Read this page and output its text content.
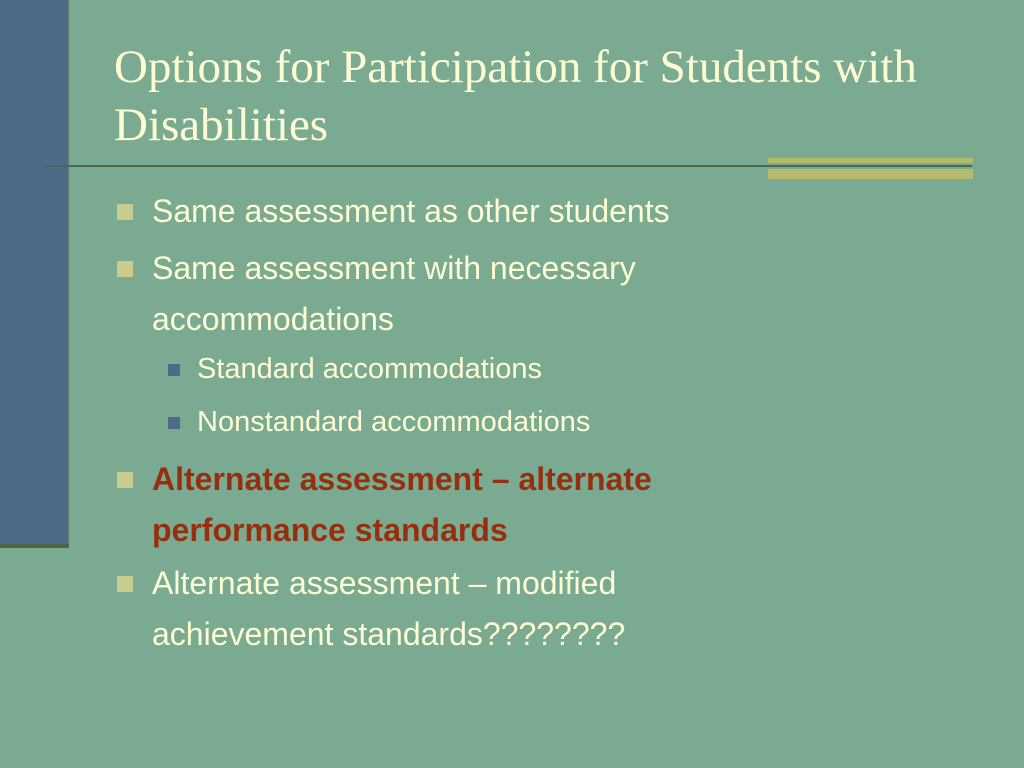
Options for Participation for Students with Disabilities
Same assessment as other students
Same assessment with necessary accommodations
Standard accommodations
Nonstandard accommodations
Alternate assessment – alternate performance standards
Alternate assessment – modified achievement standards????????
